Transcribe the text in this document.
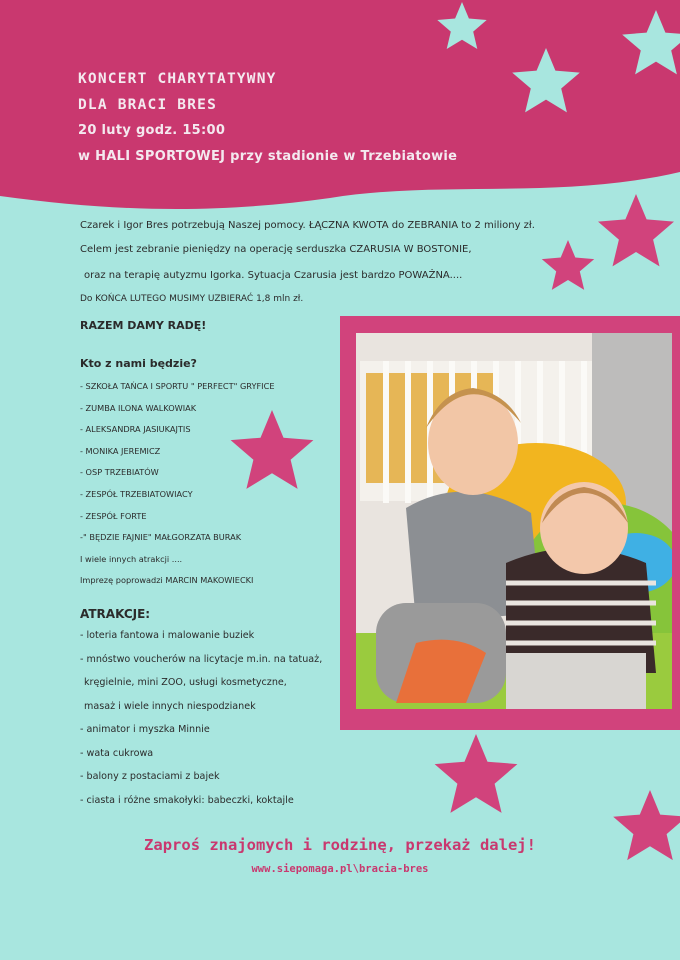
KONCERT CHARYTATYWNY
DLA BRACI BRES
20 luty godz. 15:00
w HALI SPORTOWEJ przy stadionie w Trzebiatowie
Czarek i Igor Bres potrzebują Naszej pomocy. ŁĄCZNA KWOTA do ZEBRANIA to 2 miliony zł.
Celem jest zebranie pieniędzy na operację serduszka CZARUSIA W BOSTONIE,
oraz na terapię autyzmu Igorka. Sytuacja Czarusia jest bardzo POWAŻNA....
Do KOŃCA LUTEGO MUSIMY UZBIERAĆ 1,8 mln zł.
RAZEM DAMY RADĘ!
Kto z nami będzie?
- SZKOŁA TAŃCA I SPORTU " PERFECT" GRYFICE
- ZUMBA ILONA WALKOWIAK
- ALEKSANDRA JASIUKAJTIS
- MONIKA JEREMICZ
- OSP TRZEBIATÓW
- ZESPÓŁ TRZEBIATOWIACY
- ZESPÓŁ FORTE
-" BĘDZIE FAJNIE" MAŁGORZATA BURAK
I wiele innych atrakcji ....
Imprezę poprowadzi MARCIN MAKOWIECKI
ATRAKCJE:
- loteria fantowa i malowanie buziek
- mnóstwo voucherów na licytacje m.in. na tatuaż,
kręgielnie, mini ZOO, usługi kosmetyczne,
masaż i wiele innych niespodzianek
- animator i myszka Minnie
- wata cukrowa
- balony z postaciami z bajek
- ciasta i różne smakołyki: babeczki, koktajle
Zaproś znajomych i rodzinę, przekaż dalej!
www.siepomaga.pl\bracia-bres
